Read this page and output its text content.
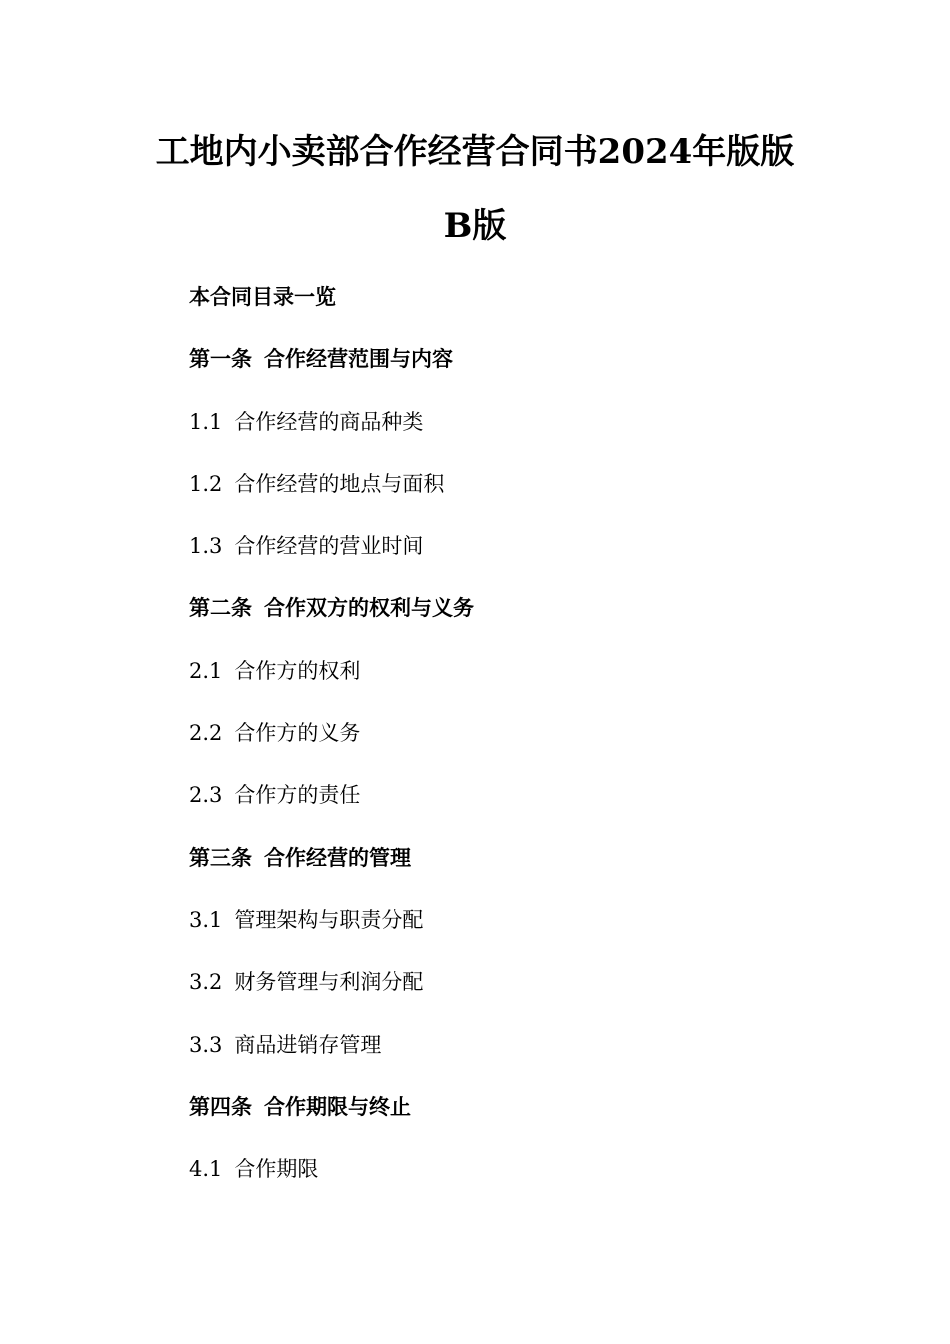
工地内小卖部合作经营合同书2024年版版
B版
本合同目录一览
第一条 合作经营范围与内容
1.1 合作经营的商品种类
1.2 合作经营的地点与面积
1.3 合作经营的营业时间
第二条 合作双方的权利与义务
2.1 合作方的权利
2.2 合作方的义务
2.3 合作方的责任
第三条 合作经营的管理
3.1 管理架构与职责分配
3.2 财务管理与利润分配
3.3 商品进销存管理
第四条 合作期限与终止
4.1 合作期限
